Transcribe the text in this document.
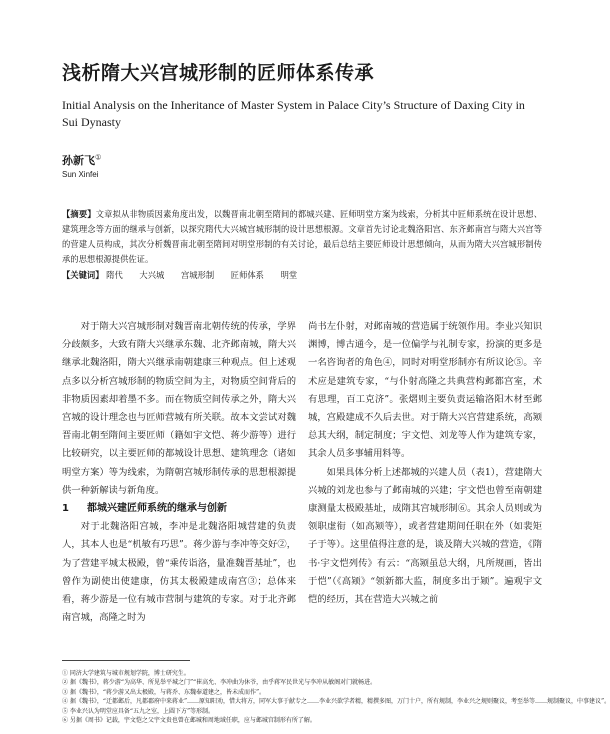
浅析隋大兴宫城形制的匠师体系传承

Initial Analysis on the Inheritance of Master System in Palace City’s Structure of Daxing City in Sui Dynasty

孙新飞①
Sun Xinfei
【摘要】文章拟从非物质因素角度出发，以魏晋南北朝至隋间的都城兴建、匠师明堂方案为线索，分析其中匠师系统在设计思想、建筑理念等方面的继承与创新，以探究隋代大兴城宫城形制的设计思想根源。文章首先讨论北魏洛阳宫、东齐邺南宫与隋大兴宫等的营建人员构成，其次分析魏晋南北朝至隋间对明堂形制的有关讨论，最后总结主要匠师设计思想倾向，从而为隋大兴宫城形制传承的思想根源提供佐证。
【关键词】 隋代 大兴城 宫城形制 匠师体系 明堂

对于隋大兴宫城形制对魏晋南北朝传统的传承，学界分歧颇多，大致有隋大兴继承东魏、北齐邺南城，隋大兴继承北魏洛阳，隋大兴继承南朝建康三种观点。但上述观点多以分析宫城形制的物质空间为主，对物质空间背后的非物质因素却着墨不多。而在物质空间传承之外，隋大兴宫城的设计理念也与匠师营城有所关联。故本文尝试对魏晋南北朝至隋间主要匠师（籍如宇文恺、蒋少游等）进行比较研究，以主要匠师的都城设计思想、建筑理念（诸如明堂方案）等为线索，为隋朝宫城形制传承的思想根源提供一种新解读与新角度。

1 都城兴建匠师系统的继承与创新

对于北魏洛阳宫城，李冲是北魏洛阳城营建的负责人，其本人也是“机敏有巧思”。蒋少游与李冲等交好②，为了营建平城太极殿，曾“乘传诣洛，量准魏晋基址”，也曾作为副使出使建康，仿其太极殿建成南宫③；总体来看，蒋少游是一位有城市营制与建筑的专家。对于北齐邺南宫城，高隆之时为

尚书左仆射，对邺南城的营造属于统领作用。李业兴知识渊博，博古通今，是一位偏学与礼制专家，扮演的更多是一名咨询者的角色④，同时对明堂形制亦有所议论⑤。辛术应是建筑专家，“与仆射高隆之共典营构邺都宫室，术有思理，百工克济”。张熠则主要负责运输洛阳木材至邺城，宫殿建成不久后去世。对于隋大兴宫营建系统，高颎总其大纲，制定制度；宇文恺、刘龙等人作为建筑专家，其余人员多事辅用料等。

如果具体分析上述都城的兴建人员（表1），营建隋大兴城的刘龙也参与了邺南城的兴建；宇文恺也曾至南朝建康测量太极殿基址，成隋其宫城形制⑥。其余人员则或为领职虚衔（如高颎等），或者营建期间任职在外（如裴矩子于等）。这里值得注意的是，谈及隋大兴城的营造，《隋书·宇文恺列传》有云：“高颎虽总大纲，凡所规画，皆出于恺”（《高颎》“领新都大监，制度多出于颎”。遍观宇文恺的经历，其在营造大兴城之前

① 同济大学建筑与城市规划学院，博士研究生。
② 据《魏书》，蒋少游“为高华、所见举平城之门”“崔高允、李冲曲为休爷，由乎蒋军民世光与李冲从敏阁对门就畅进。
③ 据《魏书》，“蒋少游又出太极殿，与蒋乔、东魏奉道建之，皆未成而作”。
④ 据《魏书》，“迁都邺后，凡都郡府中来蒋业”……原知阳劝，惜大将方，同军大事于献专之……李业兴欲学者精，精撰多图，万门十户，所有规制，李业兴之规则聚议，考至举等……规制聚议，中事建议”。
⑤ 李业兴认为明堂应具备“五九之室，上圆下方”等形制。
⑥ 另据《周书》记载，宇文恺之父宇文贵也曾在邺城和周地域任职，应与邺城宫制形有所了解。
